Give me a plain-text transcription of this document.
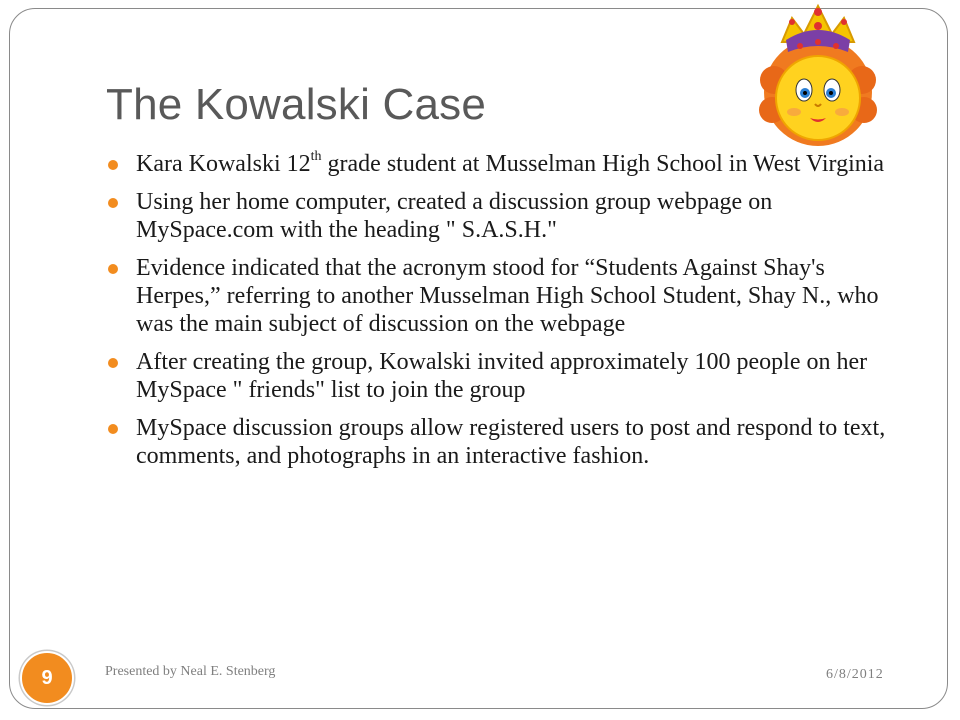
The Kowalski Case
Kara Kowalski 12th grade student at Musselman High School in West Virginia
Using her home computer, created a discussion group webpage on MySpace.com with the heading " S.A.S.H."
Evidence indicated that the acronym stood for “Students Against Shay's Herpes,” referring to another Musselman High School Student, Shay N., who was the main subject of discussion on the webpage
After creating the group, Kowalski invited approximately 100 people on her MySpace " friends" list to join the group
MySpace discussion groups allow registered users to post and respond to text, comments, and photographs in an interactive fashion.
9	Presented by Neal E. Stenberg	6/8/2012
